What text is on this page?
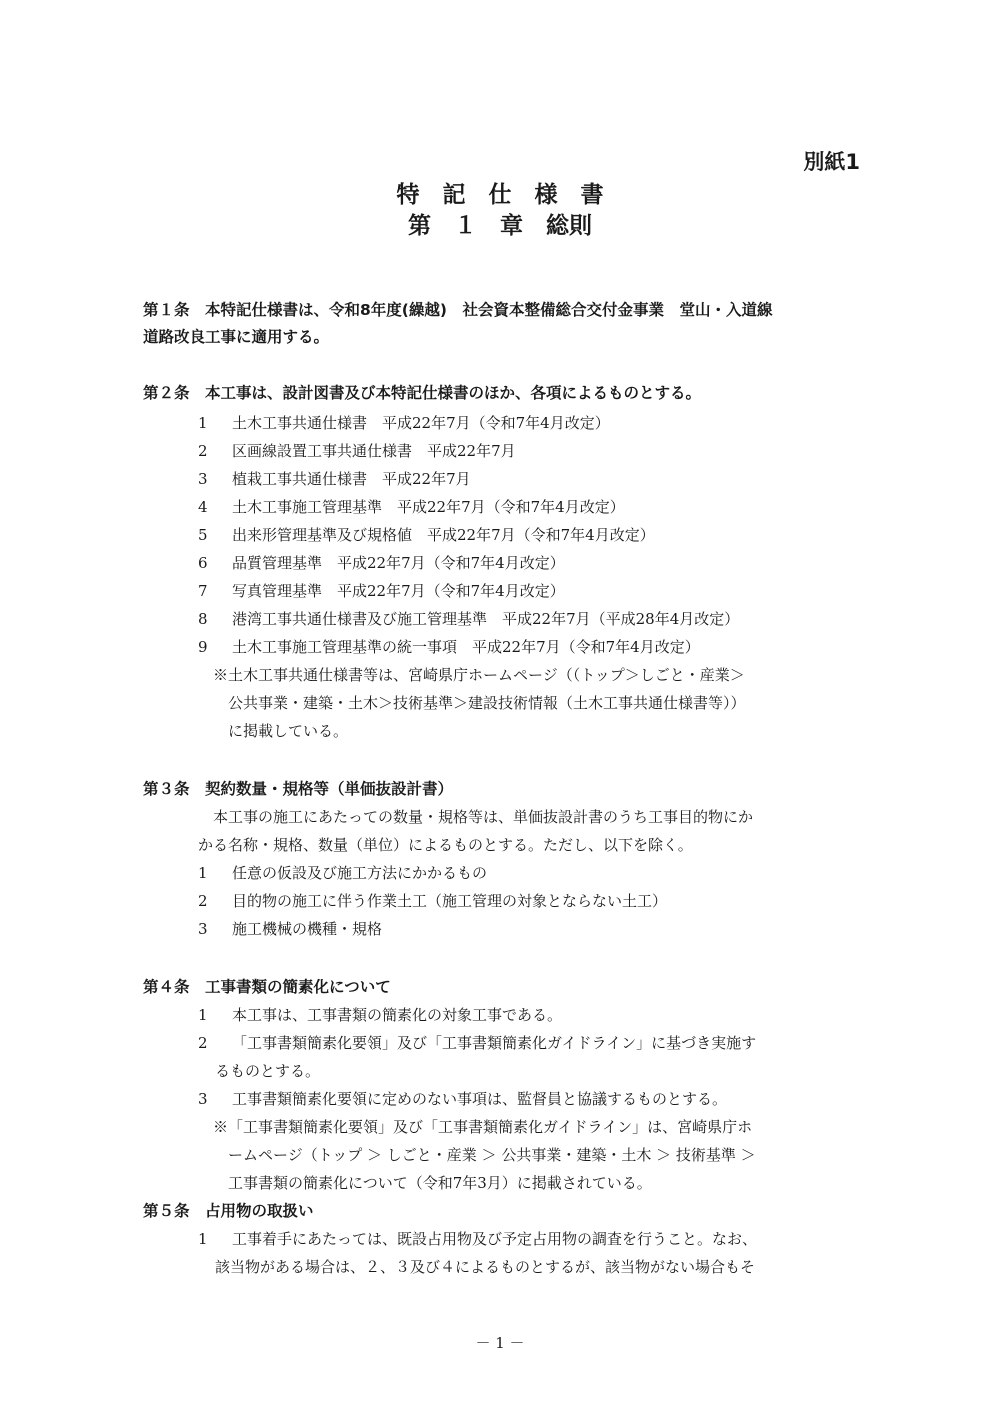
別紙1
特　記　仕　様　書
第　１　章　総則
第１条　本特記仕様書は、令和8年度(繰越)　社会資本整備総合交付金事業　堂山・入道線
道路改良工事に適用する。
第２条　本工事は、設計図書及び本特記仕様書のほか、各項によるものとする。
1 土木工事共通仕様書　平成22年7月（令和7年4月改定）
2 区画線設置工事共通仕様書　平成22年7月
3 植栽工事共通仕様書　平成22年7月
4 土木工事施工管理基準　平成22年7月（令和7年4月改定）
5 出来形管理基準及び規格値　平成22年7月（令和7年4月改定）
6 品質管理基準　平成22年7月（令和7年4月改定）
7 写真管理基準　平成22年7月（令和7年4月改定）
8 港湾工事共通仕様書及び施工管理基準　平成22年7月（平成28年4月改定）
9 土木工事施工管理基準の統一事項　平成22年7月（令和7年4月改定）
※土木工事共通仕様書等は、宮崎県庁ホームページ（（トップ＞しごと・産業＞
　公共事業・建築・土木＞技術基準＞建設技術情報（土木工事共通仕様書等））
　に掲載している。
第３条　契約数量・規格等（単価抜設計書）
本工事の施工にあたっての数量・規格等は、単価抜設計書のうち工事目的物にか
かる名称・規格、数量（単位）によるものとする。ただし、以下を除く。
1 任意の仮設及び施工方法にかかるもの
2 目的物の施工に伴う作業土工（施工管理の対象とならない土工）
3 施工機械の機種・規格
第４条　工事書類の簡素化について
1 本工事は、工事書類の簡素化の対象工事である。
2 「工事書類簡素化要領」及び「工事書類簡素化ガイドライン」に基づき実施す
るものとする。
3 工事書類簡素化要領に定めのない事項は、監督員と協議するものとする。
※「工事書類簡素化要領」及び「工事書類簡素化ガイドライン」は、宮崎県庁ホ
　ームページ（トップ ＞ しごと・産業 ＞ 公共事業・建築・土木 ＞ 技術基準 ＞
　工事書類の簡素化について（令和7年3月）に掲載されている。
第５条　占用物の取扱い
1 工事着手にあたっては、既設占用物及び予定占用物の調査を行うこと。なお、
該当物がある場合は、２、３及び４によるものとするが、該当物がない場合もそ
－ 1 －
